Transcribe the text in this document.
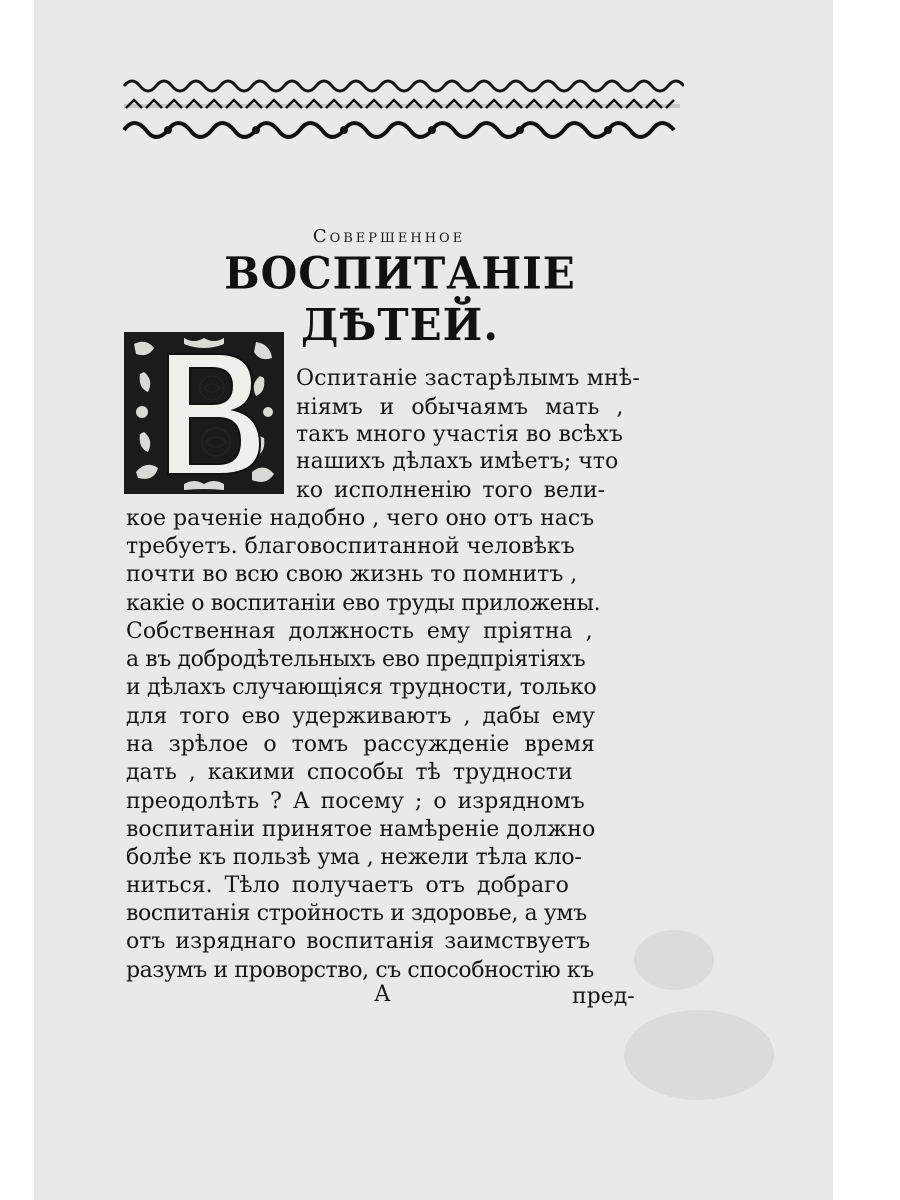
Совершенное
ВОСПИТАНІЕ ДѢТЕЙ.
Оспитаніе застарѣлымъ мнѣ-
ніямъ и обычаямъ мать ,
такъ много участія во всѣхъ
нашихъ дѣлахъ имѣетъ; что
ко исполненію того вели-
кое раченіе надобно , чего оно отъ насъ
требуетъ. благовоспитанной человѣкъ
почти во всю свою жизнь то помнитъ ,
какіе о воспитаніи ево труды приложены.
Собственная должность ему пріятна ,
а въ добродѣтельныхъ ево предпріятіяхъ
и дѣлахъ случающіяся трудности, только
для того ево удерживаютъ , дабы ему
на зрѣлое о томъ рассужденіе время
дать , какими способы тѣ трудности
преодолѣть ? А посему ; о изрядномъ
воспитаніи принятое намѣреніе должно
болѣе къ пользѣ ума , нежели тѣла кло-
ниться. Тѣло получаетъ отъ добраго
воспитанія стройность и здоровье, а умъ
отъ изряднаго воспитанія заимствуетъ
разумъ и проворство, съ способностію къ
А	пред-
